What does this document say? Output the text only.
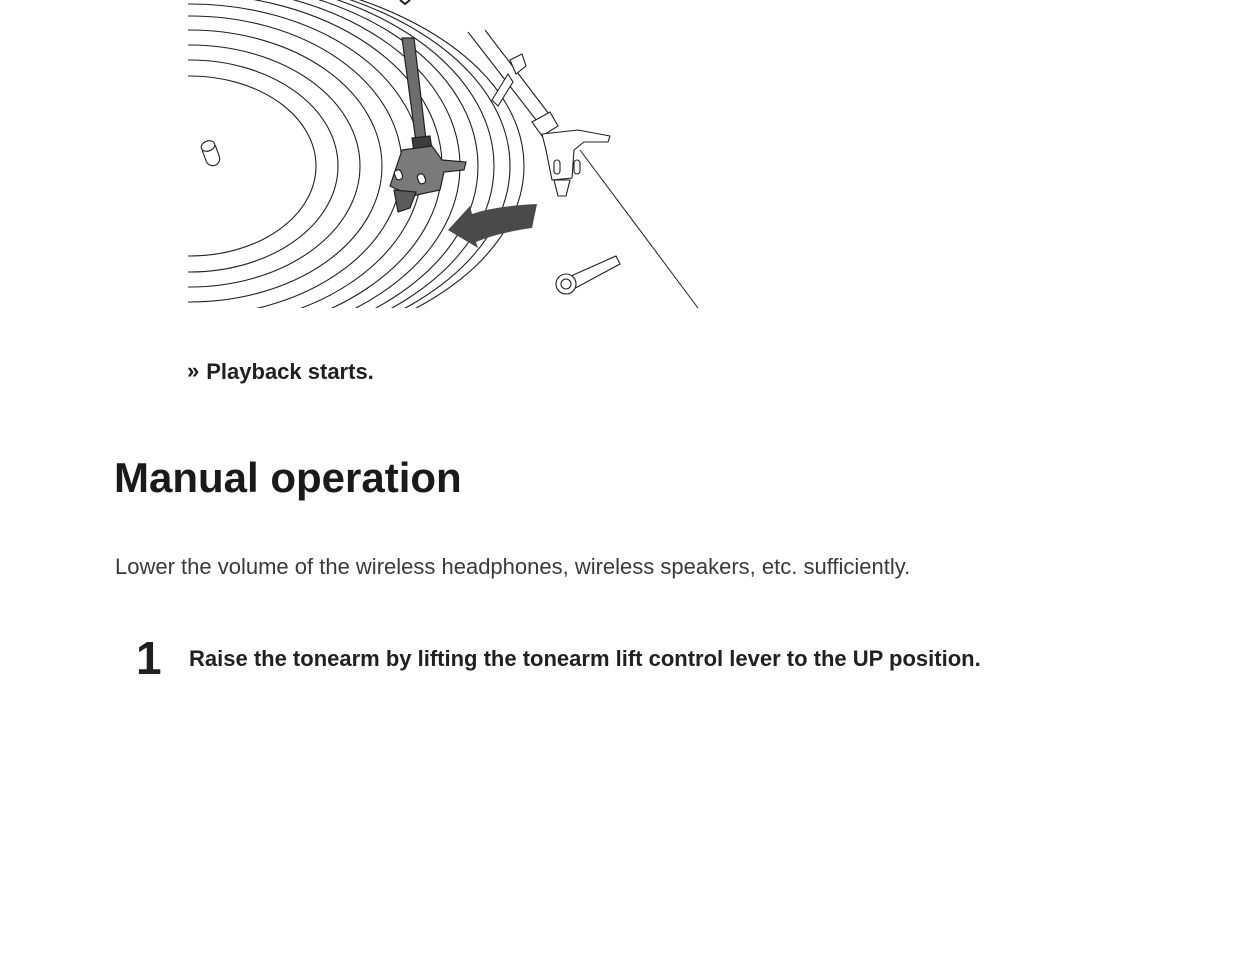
» Playback starts.
Manual operation
Lower the volume of the wireless headphones, wireless speakers, etc. sufficiently.
1 Raise the tonearm by lifting the tonearm lift control lever to the UP position.
